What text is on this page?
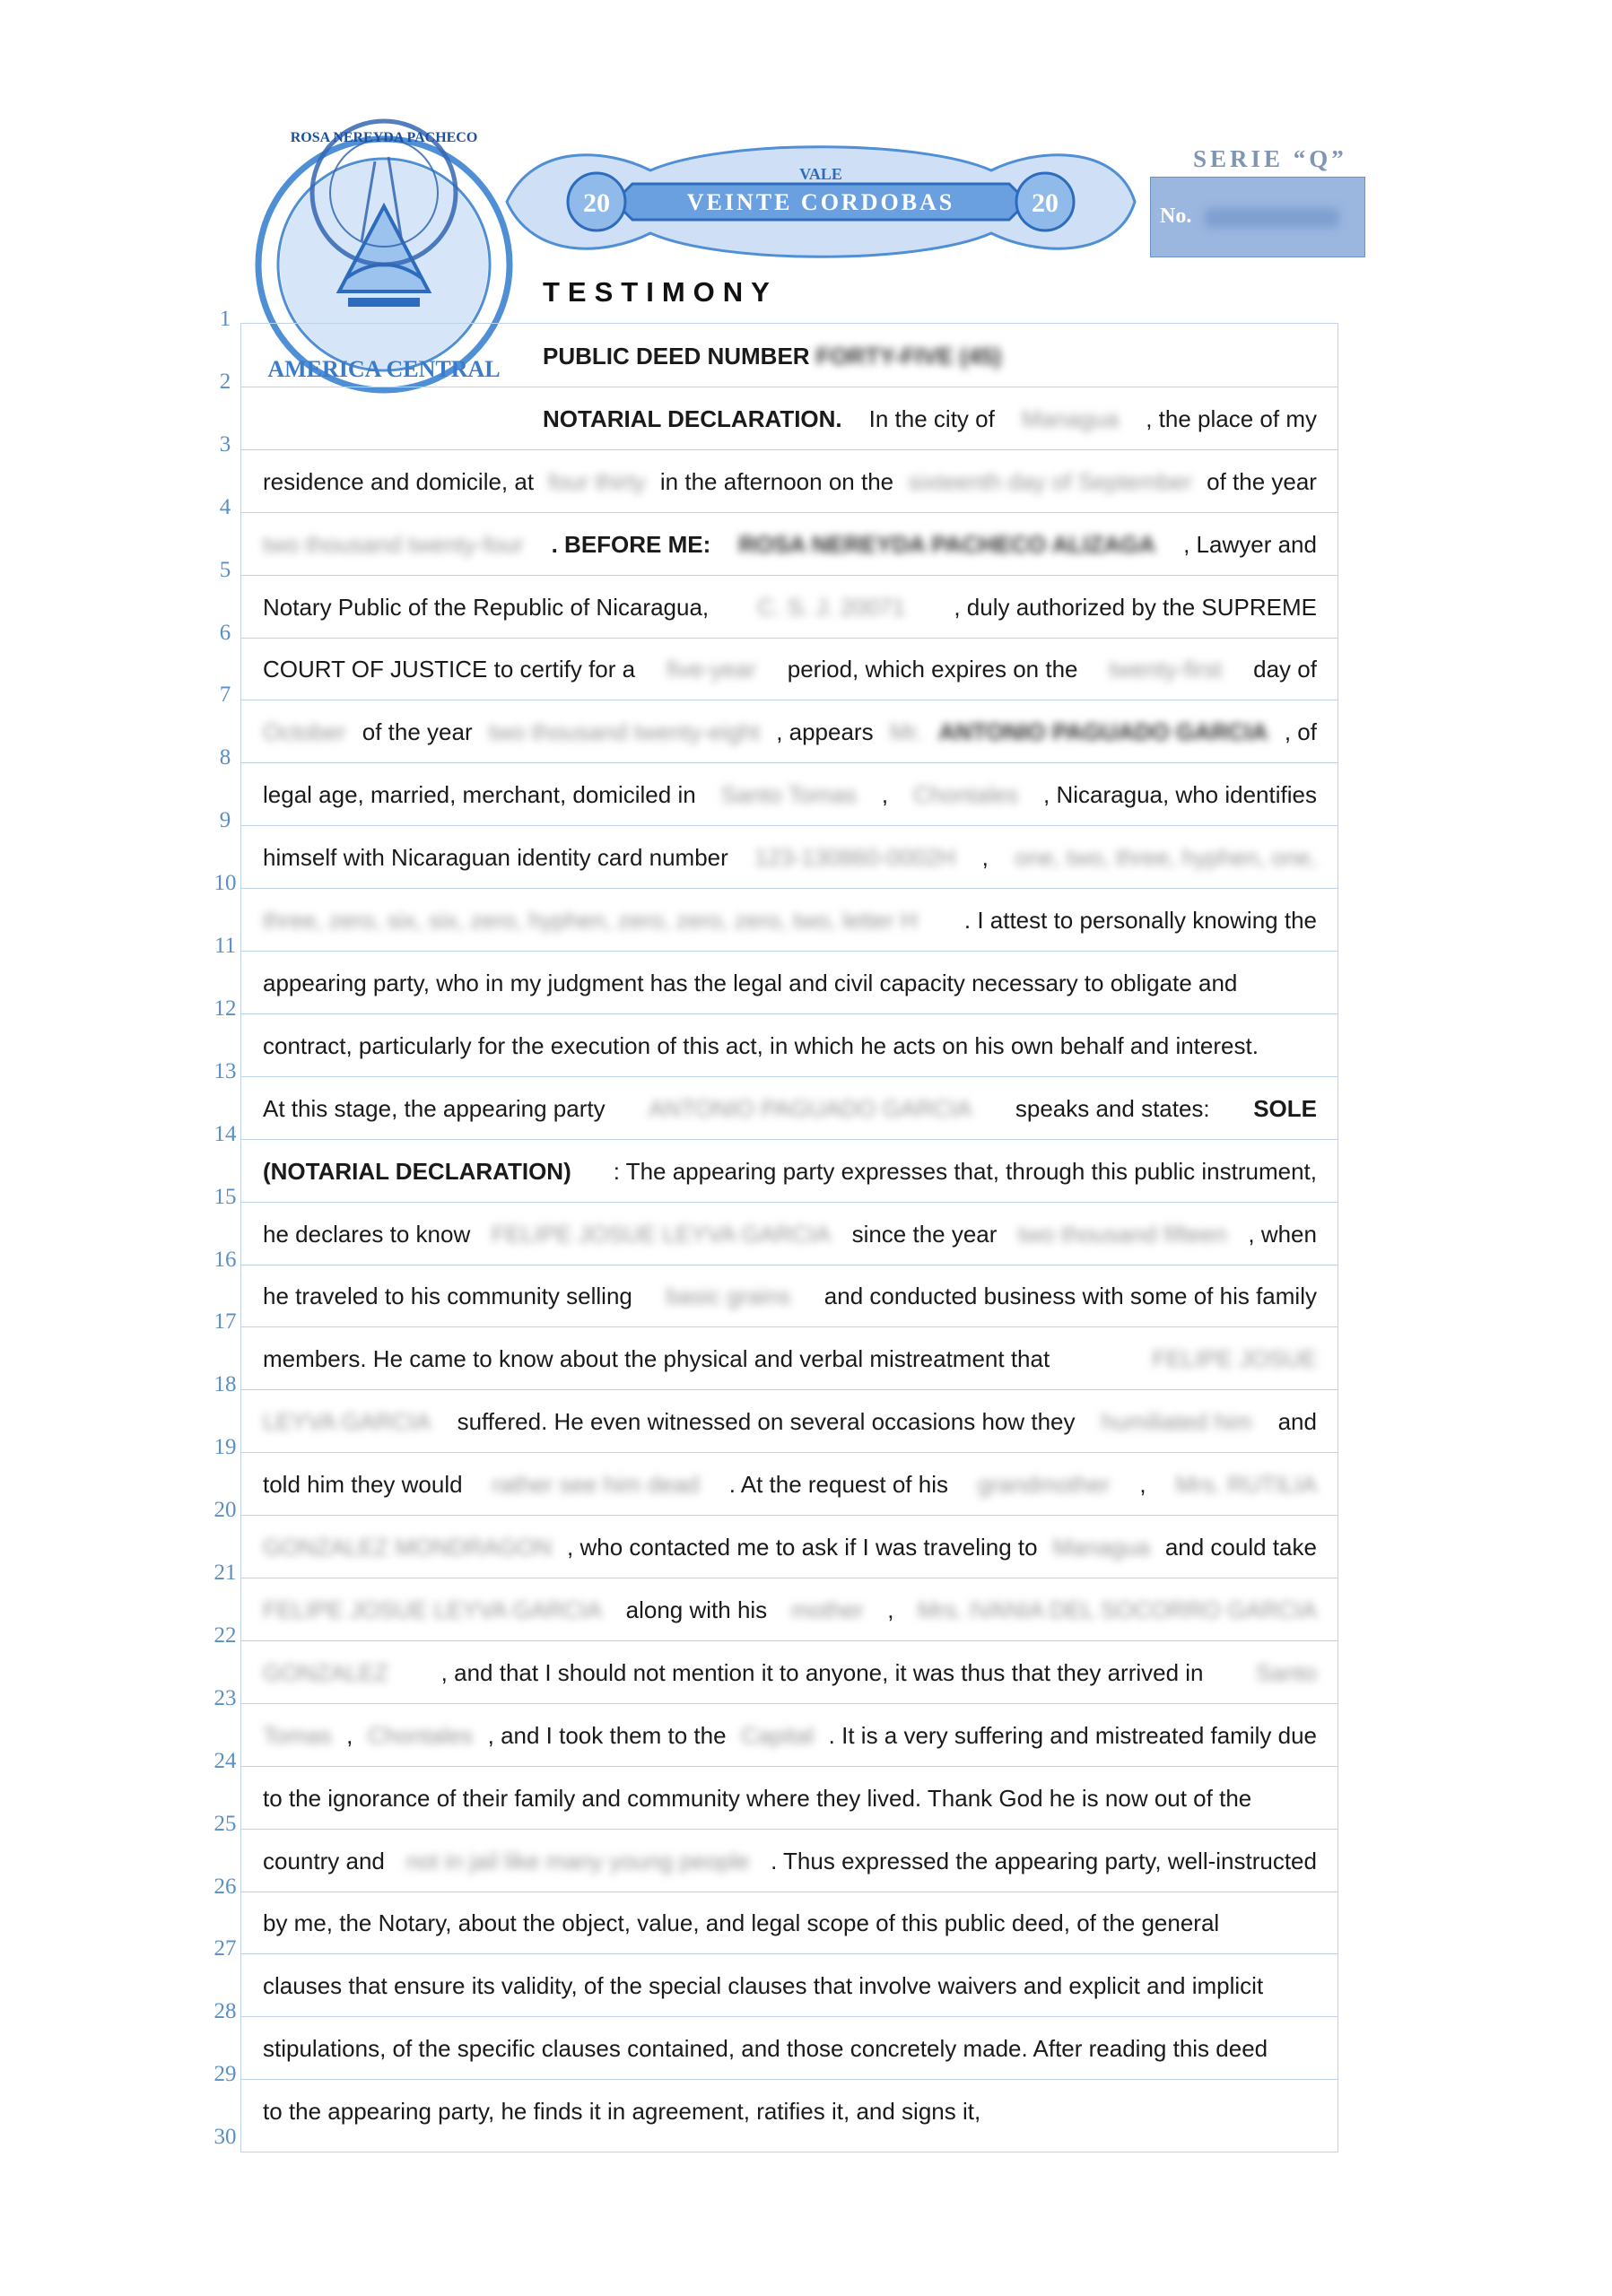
ROSA NEREYDA PACHECO
AMERICA CENTRAL
20	20
VALE
VEINTE CORDOBAS
SERIE “Q”
No.
TESTIMONY
1
2
3
4
5
6
7
8
9
10
11
12
13
14
15
16
17
18
19
20
21
22
23
24
25
26
27
28
29
30
PUBLIC DEED NUMBERFORTY-FIVE (45)
NOTARIAL DECLARATION. In the city of Managua , the place of my
residence and domicile, at four thirty in the afternoon on the sixteenth day of September of the year
two thousand twenty-four . BEFORE ME: ROSA NEREYDA PACHECO ALIZAGA , Lawyer and
Notary Public of the Republic of Nicaragua, C. S. J. 20071 , duly authorized by the SUPREME
COURT OF JUSTICE to certify for a five-year period, which expires on the twenty-first day of
October of the year two thousand twenty-eight , appears Mr. ANTONIO PAGUADO GARCIA , of
legal age, married, merchant, domiciled in Santo Tomas , Chontales , Nicaragua, who identifies
himself with Nicaraguan identity card number 123-130860-0002H , one, two, three, hyphen, one,
three, zero, six, six, zero, hyphen, zero, zero, zero, two, letter H . I attest to personally knowing the
appearing party, who in my judgment has the legal and civil capacity necessary to obligate and
contract, particularly for the execution of this act, in which he acts on his own behalf and interest.
At this stage, the appearing party ANTONIO PAGUADO GARCIA speaks and states: SOLE
(NOTARIAL DECLARATION) : The appearing party expresses that, through this public instrument,
he declares to know FELIPE JOSUE LEYVA GARCIA since the year two thousand fifteen , when
he traveled to his community selling basic grains and conducted business with some of his family
members. He came to know about the physical and verbal mistreatment that	FELIPE JOSUE
LEYVA GARCIA suffered. He even witnessed on several occasions how they humiliated him and
told him they would rather see him dead . At the request of his grandmother , Mrs. RUTILIA
GONZALEZ MONDRAGON , who contacted me to ask if I was traveling to Managua and could take
FELIPE JOSUE LEYVA GARCIA along with his mother , Mrs. IVANIA DEL SOCORRO GARCIA
GONZALEZ , and that I should not mention it to anyone, it was thus that they arrived in Santo
Tomas , Chontales , and I took them to the Capital . It is a very suffering and mistreated family due
to the ignorance of their family and community where they lived. Thank God he is now out of the
country and not in jail like many young people . Thus expressed the appearing party, well-instructed
by me, the Notary, about the object, value, and legal scope of this public deed, of the general
clauses that ensure its validity, of the special clauses that involve waivers and explicit and implicit
stipulations, of the specific clauses contained, and those concretely made. After reading this deed
to the appearing party, he finds it in agreement, ratifies it, and signs it,
